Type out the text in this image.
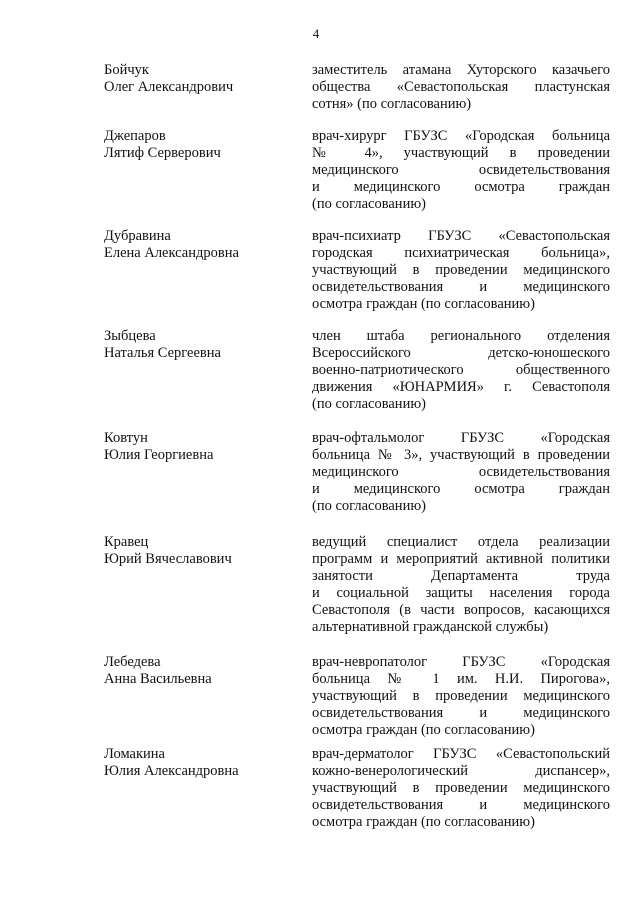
4
Бойчук
Олег Александрович
заместитель атамана Хуторского казачьего
общества «Севастопольская пластунская
сотня» (по согласованию)
Джепаров
Лятиф Серверович
врач-хирург ГБУЗС «Городская больница
№ 4», участвующий в проведении
медицинского освидетельствования
и медицинского осмотра граждан
(по согласованию)
Дубравина
Елена Александровна
врач-психиатр ГБУЗС «Севастопольская
городская психиатрическая больница»,
участвующий в проведении медицинского
освидетельствования и медицинского
осмотра граждан (по согласованию)
Зыбцева
Наталья Сергеевна
член штаба регионального отделения
Всероссийского детско-юношеского
военно-патриотического общественного
движения «ЮНАРМИЯ» г. Севастополя
(по согласованию)
Ковтун
Юлия Георгиевна
врач-офтальмолог ГБУЗС «Городская
больница № 3», участвующий в проведении
медицинского освидетельствования
и медицинского осмотра граждан
(по согласованию)
Кравец
Юрий Вячеславович
ведущий специалист отдела реализации
программ и мероприятий активной политики
занятости Департамента труда
и социальной защиты населения города
Севастополя (в части вопросов, касающихся
альтернативной гражданской службы)
Лебедева
Анна Васильевна
врач-невропатолог ГБУЗС «Городская
больница № 1 им. Н.И. Пирогова»,
участвующий в проведении медицинского
освидетельствования и медицинского
осмотра граждан (по согласованию)
Ломакина
Юлия Александровна
врач-дерматолог ГБУЗС «Севастопольский
кожно-венерологический диспансер»,
участвующий в проведении медицинского
освидетельствования и медицинского
осмотра граждан (по согласованию)
